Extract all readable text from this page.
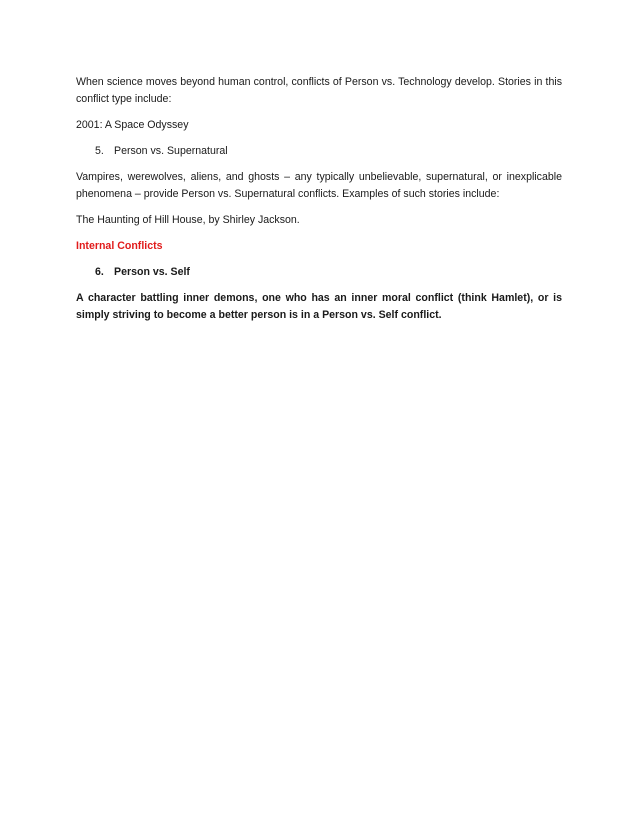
When science moves beyond human control, conflicts of Person vs. Technology develop. Stories in this conflict type include:

2001: A Space Odyssey

5. Person vs. Supernatural

Vampires, werewolves, aliens, and ghosts – any typically unbelievable, supernatural, or inexplicable phenomena – provide Person vs. Supernatural conflicts. Examples of such stories include:

The Haunting of Hill House, by Shirley Jackson.

Internal Conflicts
6. Person vs. Self

A character battling inner demons, one who has an inner moral conflict (think Hamlet), or is simply striving to become a better person is in a Person vs. Self conflict.
